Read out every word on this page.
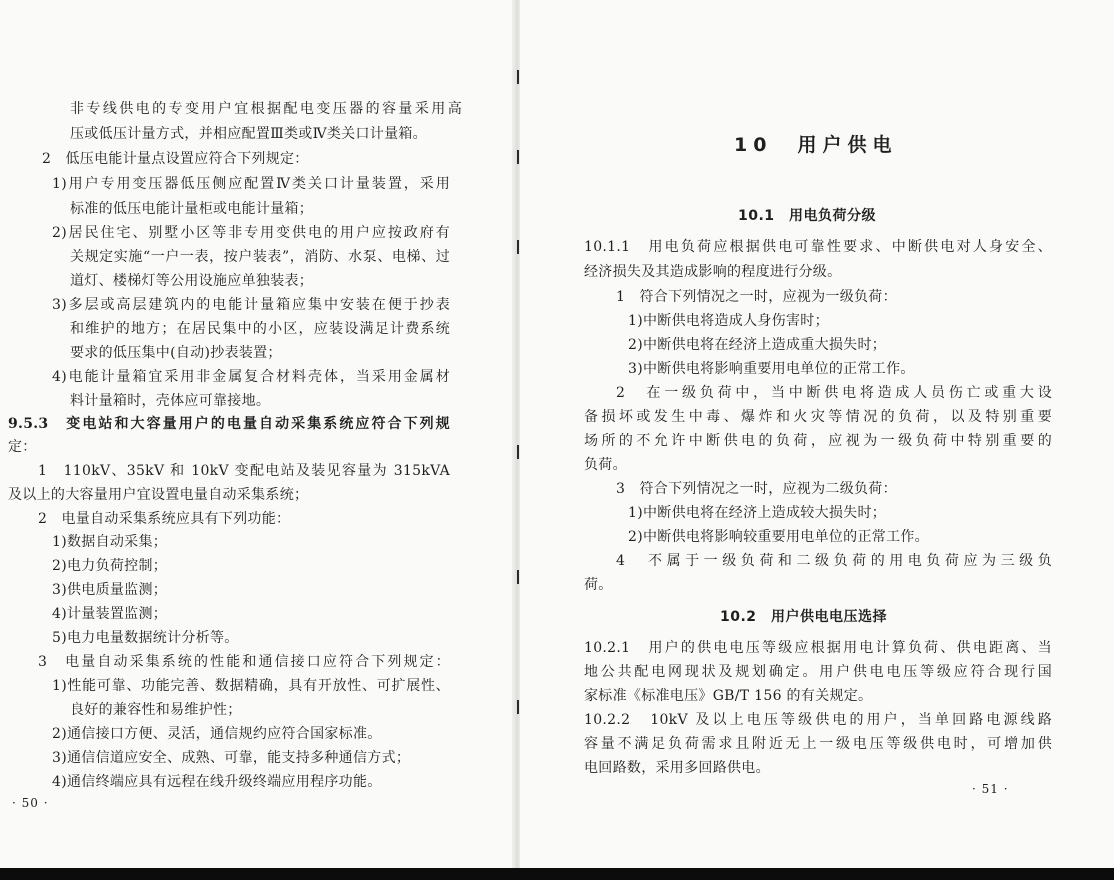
非专线供电的专变用户宜根据配电变压器的容量采用高

压或低压计量方式，并相应配置Ⅲ类或Ⅳ类关口计量箱。

2　低压电能计量点设置应符合下列规定：

1)用户专用变压器低压侧应配置Ⅳ类关口计量装置，采用

标准的低压电能计量柜或电能计量箱；

2)居民住宅、别墅小区等非专用变供电的用户应按政府有

关规定实施“一户一表，按户装表”，消防、水泵、电梯、过

道灯、楼梯灯等公用设施应单独装表；

3)多层或高层建筑内的电能计量箱应集中安装在便于抄表

和维护的地方；在居民集中的小区，应装设满足计费系统

要求的低压集中(自动)抄表装置；

4)电能计量箱宜采用非金属复合材料壳体，当采用金属材

料计量箱时，壳体应可靠接地。

9.5.3　变电站和大容量用户的电量自动采集系统应符合下列规

定：

1　110kV、35kV 和 10kV 变配电站及装见容量为 315kVA

及以上的大容量用户宜设置电量自动采集系统；

2　电量自动采集系统应具有下列功能：

1)数据自动采集；

2)电力负荷控制；

3)供电质量监测；

4)计量装置监测；

5)电力电量数据统计分析等。

3　电量自动采集系统的性能和通信接口应符合下列规定：

1)性能可靠、功能完善、数据精确，具有开放性、可扩展性、

良好的兼容性和易维护性；

2)通信接口方便、灵活，通信规约应符合国家标准。

3)通信信道应安全、成熟、可靠，能支持多种通信方式；

4)通信终端应具有远程在线升级终端应用程序功能。

· 50 ·

10　用户供电

10.1　用电负荷分级

10.1.1　用电负荷应根据供电可靠性要求、中断供电对人身安全、

经济损失及其造成影响的程度进行分级。

1　符合下列情况之一时，应视为一级负荷：

1)中断供电将造成人身伤害时；

2)中断供电将在经济上造成重大损失时；

3)中断供电将影响重要用电单位的正常工作。

2　在一级负荷中，当中断供电将造成人员伤亡或重大设

备损坏或发生中毒、爆炸和火灾等情况的负荷，以及特别重要

场所的不允许中断供电的负荷，应视为一级负荷中特别重要的

负荷。

3　符合下列情况之一时，应视为二级负荷：

1)中断供电将在经济上造成较大损失时；

2)中断供电将影响较重要用电单位的正常工作。

4　不属于一级负荷和二级负荷的用电负荷应为三级负

荷。

10.2　用户供电电压选择

10.2.1　用户的供电电压等级应根据用电计算负荷、供电距离、当

地公共配电网现状及规划确定。用户供电电压等级应符合现行国

家标准《标准电压》GB/T 156 的有关规定。

10.2.2　10kV 及以上电压等级供电的用户，当单回路电源线路

容量不满足负荷需求且附近无上一级电压等级供电时，可增加供

电回路数，采用多回路供电。

· 51 ·
